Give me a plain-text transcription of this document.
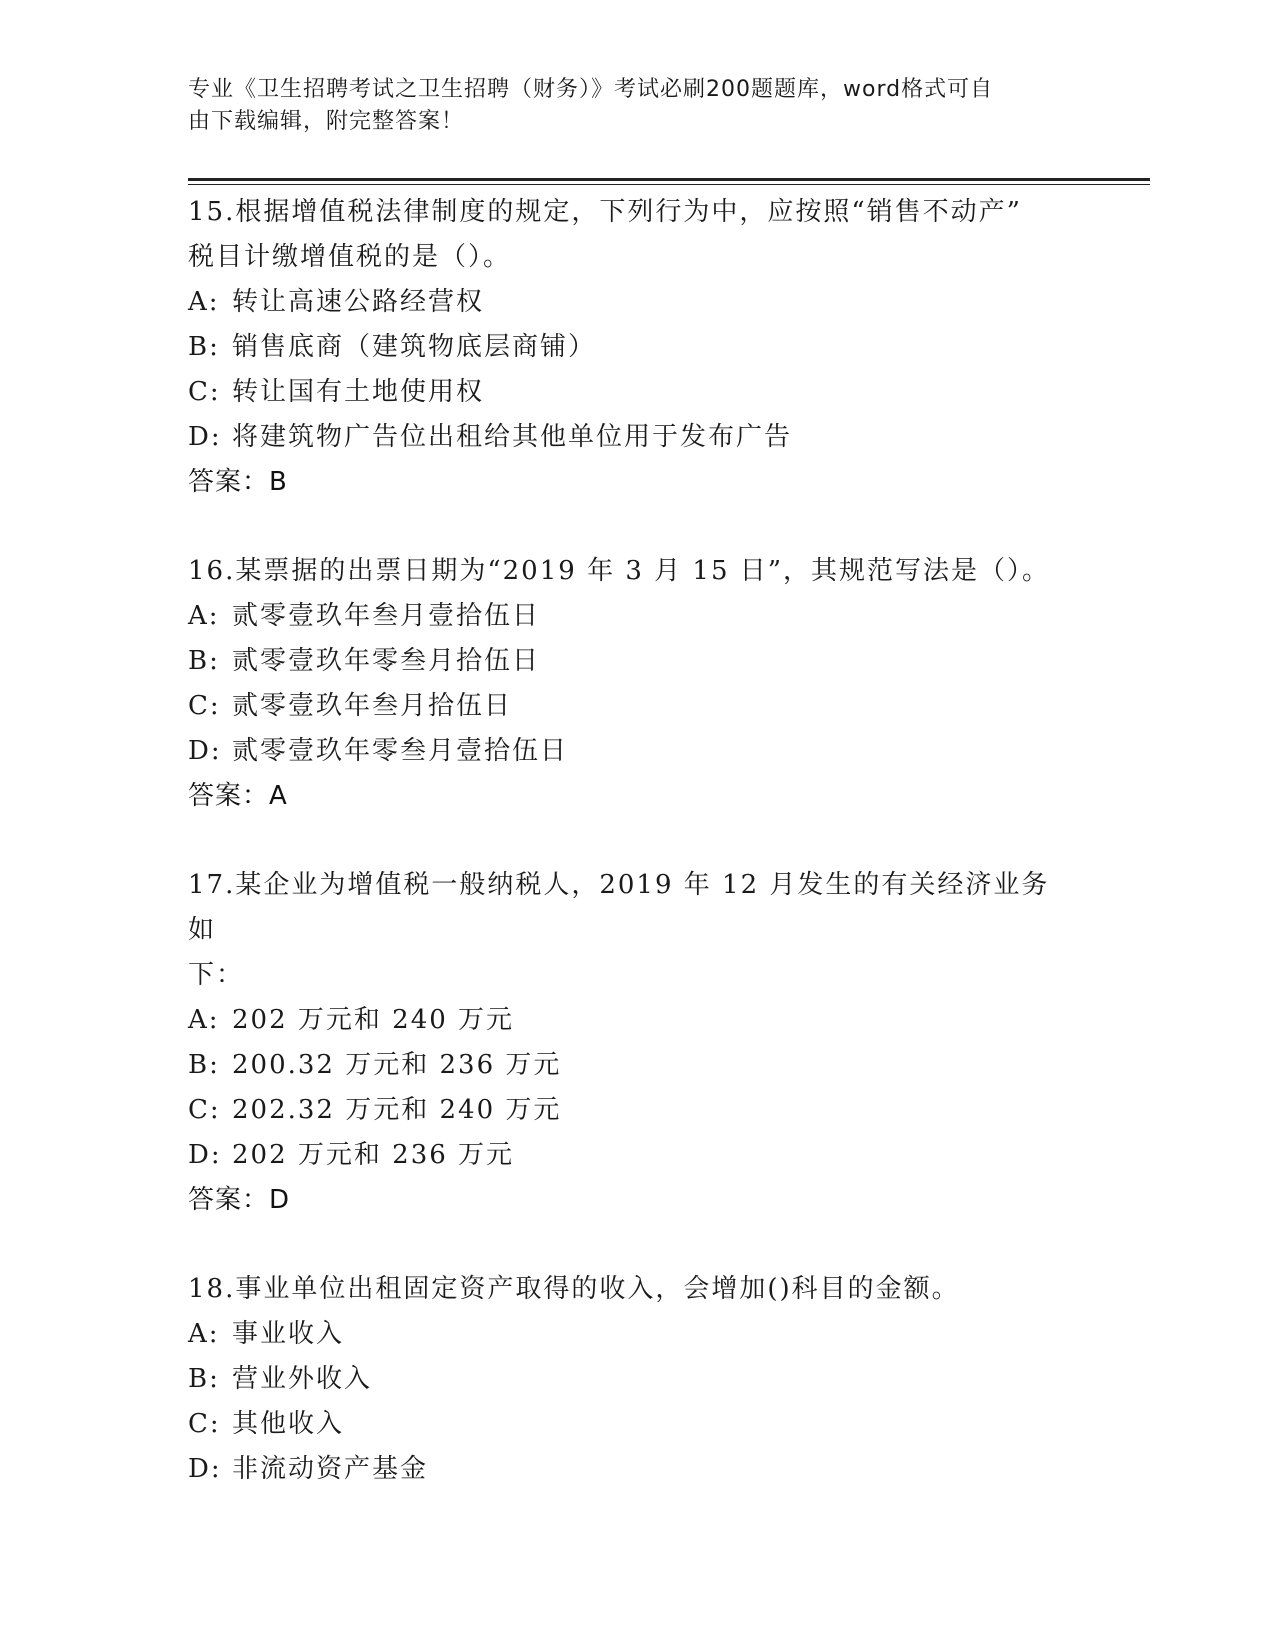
专业《卫生招聘考试之卫生招聘（财务）》考试必刷200题题库，word格式可自
由下载编辑，附完整答案！

15.根据增值税法律制度的规定，下列行为中，应按照“销售不动产”
税目计缴增值税的是（）。

A: 转让高速公路经营权

B: 销售底商（建筑物底层商铺）

C: 转让国有土地使用权

D: 将建筑物广告位出租给其他单位用于发布广告

答案：B

16.某票据的出票日期为“2019 年 3 月 15 日”，其规范写法是（）。

A: 贰零壹玖年叁月壹拾伍日

B: 贰零壹玖年零叁月拾伍日

C: 贰零壹玖年叁月拾伍日

D: 贰零壹玖年零叁月壹拾伍日

答案：A

17.某企业为增值税一般纳税人，2019 年 12 月发生的有关经济业务如
下：

A: 202 万元和 240 万元

B: 200.32 万元和 236 万元

C: 202.32 万元和 240 万元

D: 202 万元和 236 万元

答案：D

18.事业单位出租固定资产取得的收入，会增加()科目的金额。

A: 事业收入

B: 营业外收入

C: 其他收入

D: 非流动资产基金
